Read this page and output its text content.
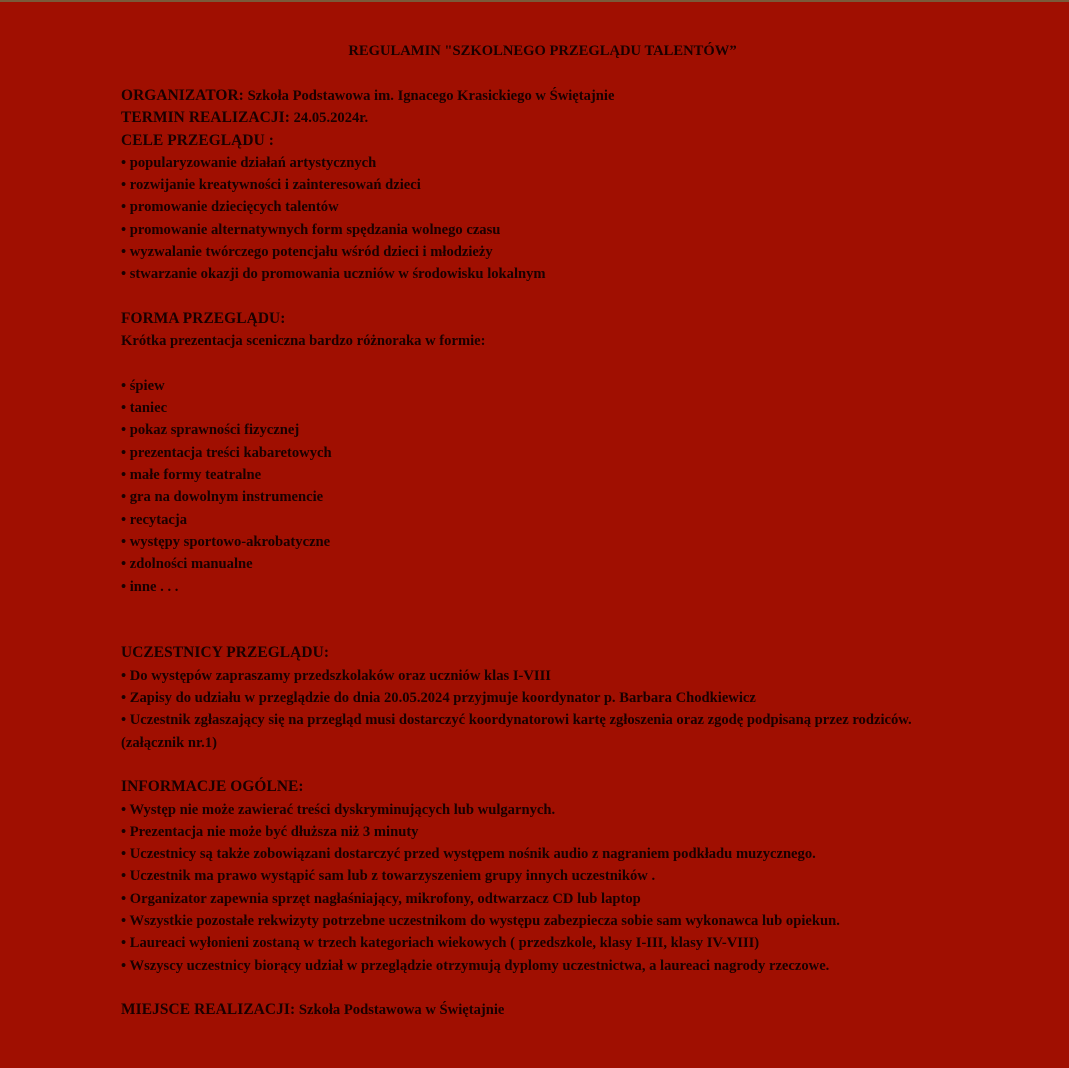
REGULAMIN "SZKOLNEGO PRZEGLĄDU TALENTÓW”
ORGANIZATOR: Szkoła Podstawowa im. Ignacego Krasickiego w Świętajnie
TERMIN REALIZACJI: 24.05.2024r.
CELE PRZEGLĄDU :
• popularyzowanie działań artystycznych
• rozwijanie kreatywności i zainteresowań dzieci
• promowanie dziecięcych talentów
• promowanie alternatywnych form spędzania wolnego czasu
• wyzwalanie twórczego potencjału wśród dzieci i młodzieży
• stwarzanie okazji do promowania uczniów w środowisku lokalnym
FORMA PRZEGLĄDU:
Krótka prezentacja sceniczna bardzo różnoraka w formie:
• śpiew
• taniec
• pokaz sprawności fizycznej
• prezentacja treści kabaretowych
• małe formy teatralne
• gra na dowolnym instrumencie
• recytacja
• występy sportowo-akrobatyczne
• zdolności manualne
• inne . . .
UCZESTNICY PRZEGLĄDU:
• Do występów zapraszamy przedszkolaków oraz uczniów klas I-VIII
• Zapisy do udziału w przeglądzie do dnia 20.05.2024 przyjmuje koordynator p. Barbara Chodkiewicz
• Uczestnik zgłaszający się na przegląd musi dostarczyć koordynatorowi kartę zgłoszenia oraz zgodę podpisaną przez rodziców. (załącznik nr.1)
INFORMACJE OGÓLNE:
• Występ nie może zawierać treści dyskryminujących lub wulgarnych.
• Prezentacja nie może być dłuższa niż 3 minuty
• Uczestnicy są także zobowiązani dostarczyć przed występem nośnik audio z nagraniem podkładu muzycznego.
• Uczestnik ma prawo wystąpić sam lub z towarzyszeniem grupy innych uczestników .
• Organizator zapewnia sprzęt nagłaśniający, mikrofony, odtwarzacz CD lub laptop
• Wszystkie pozostałe rekwizyty potrzebne uczestnikom do występu zabezpiecza sobie sam wykonawca lub opiekun.
• Laureaci wyłonieni zostaną w trzech kategoriach wiekowych ( przedszkole, klasy I-III, klasy IV-VIII)
• Wszyscy uczestnicy biorący udział w przeglądzie otrzymują dyplomy uczestnictwa, a laureaci nagrody rzeczowe.
MIEJSCE REALIZACJI: Szkoła Podstawowa w Świętajnie
